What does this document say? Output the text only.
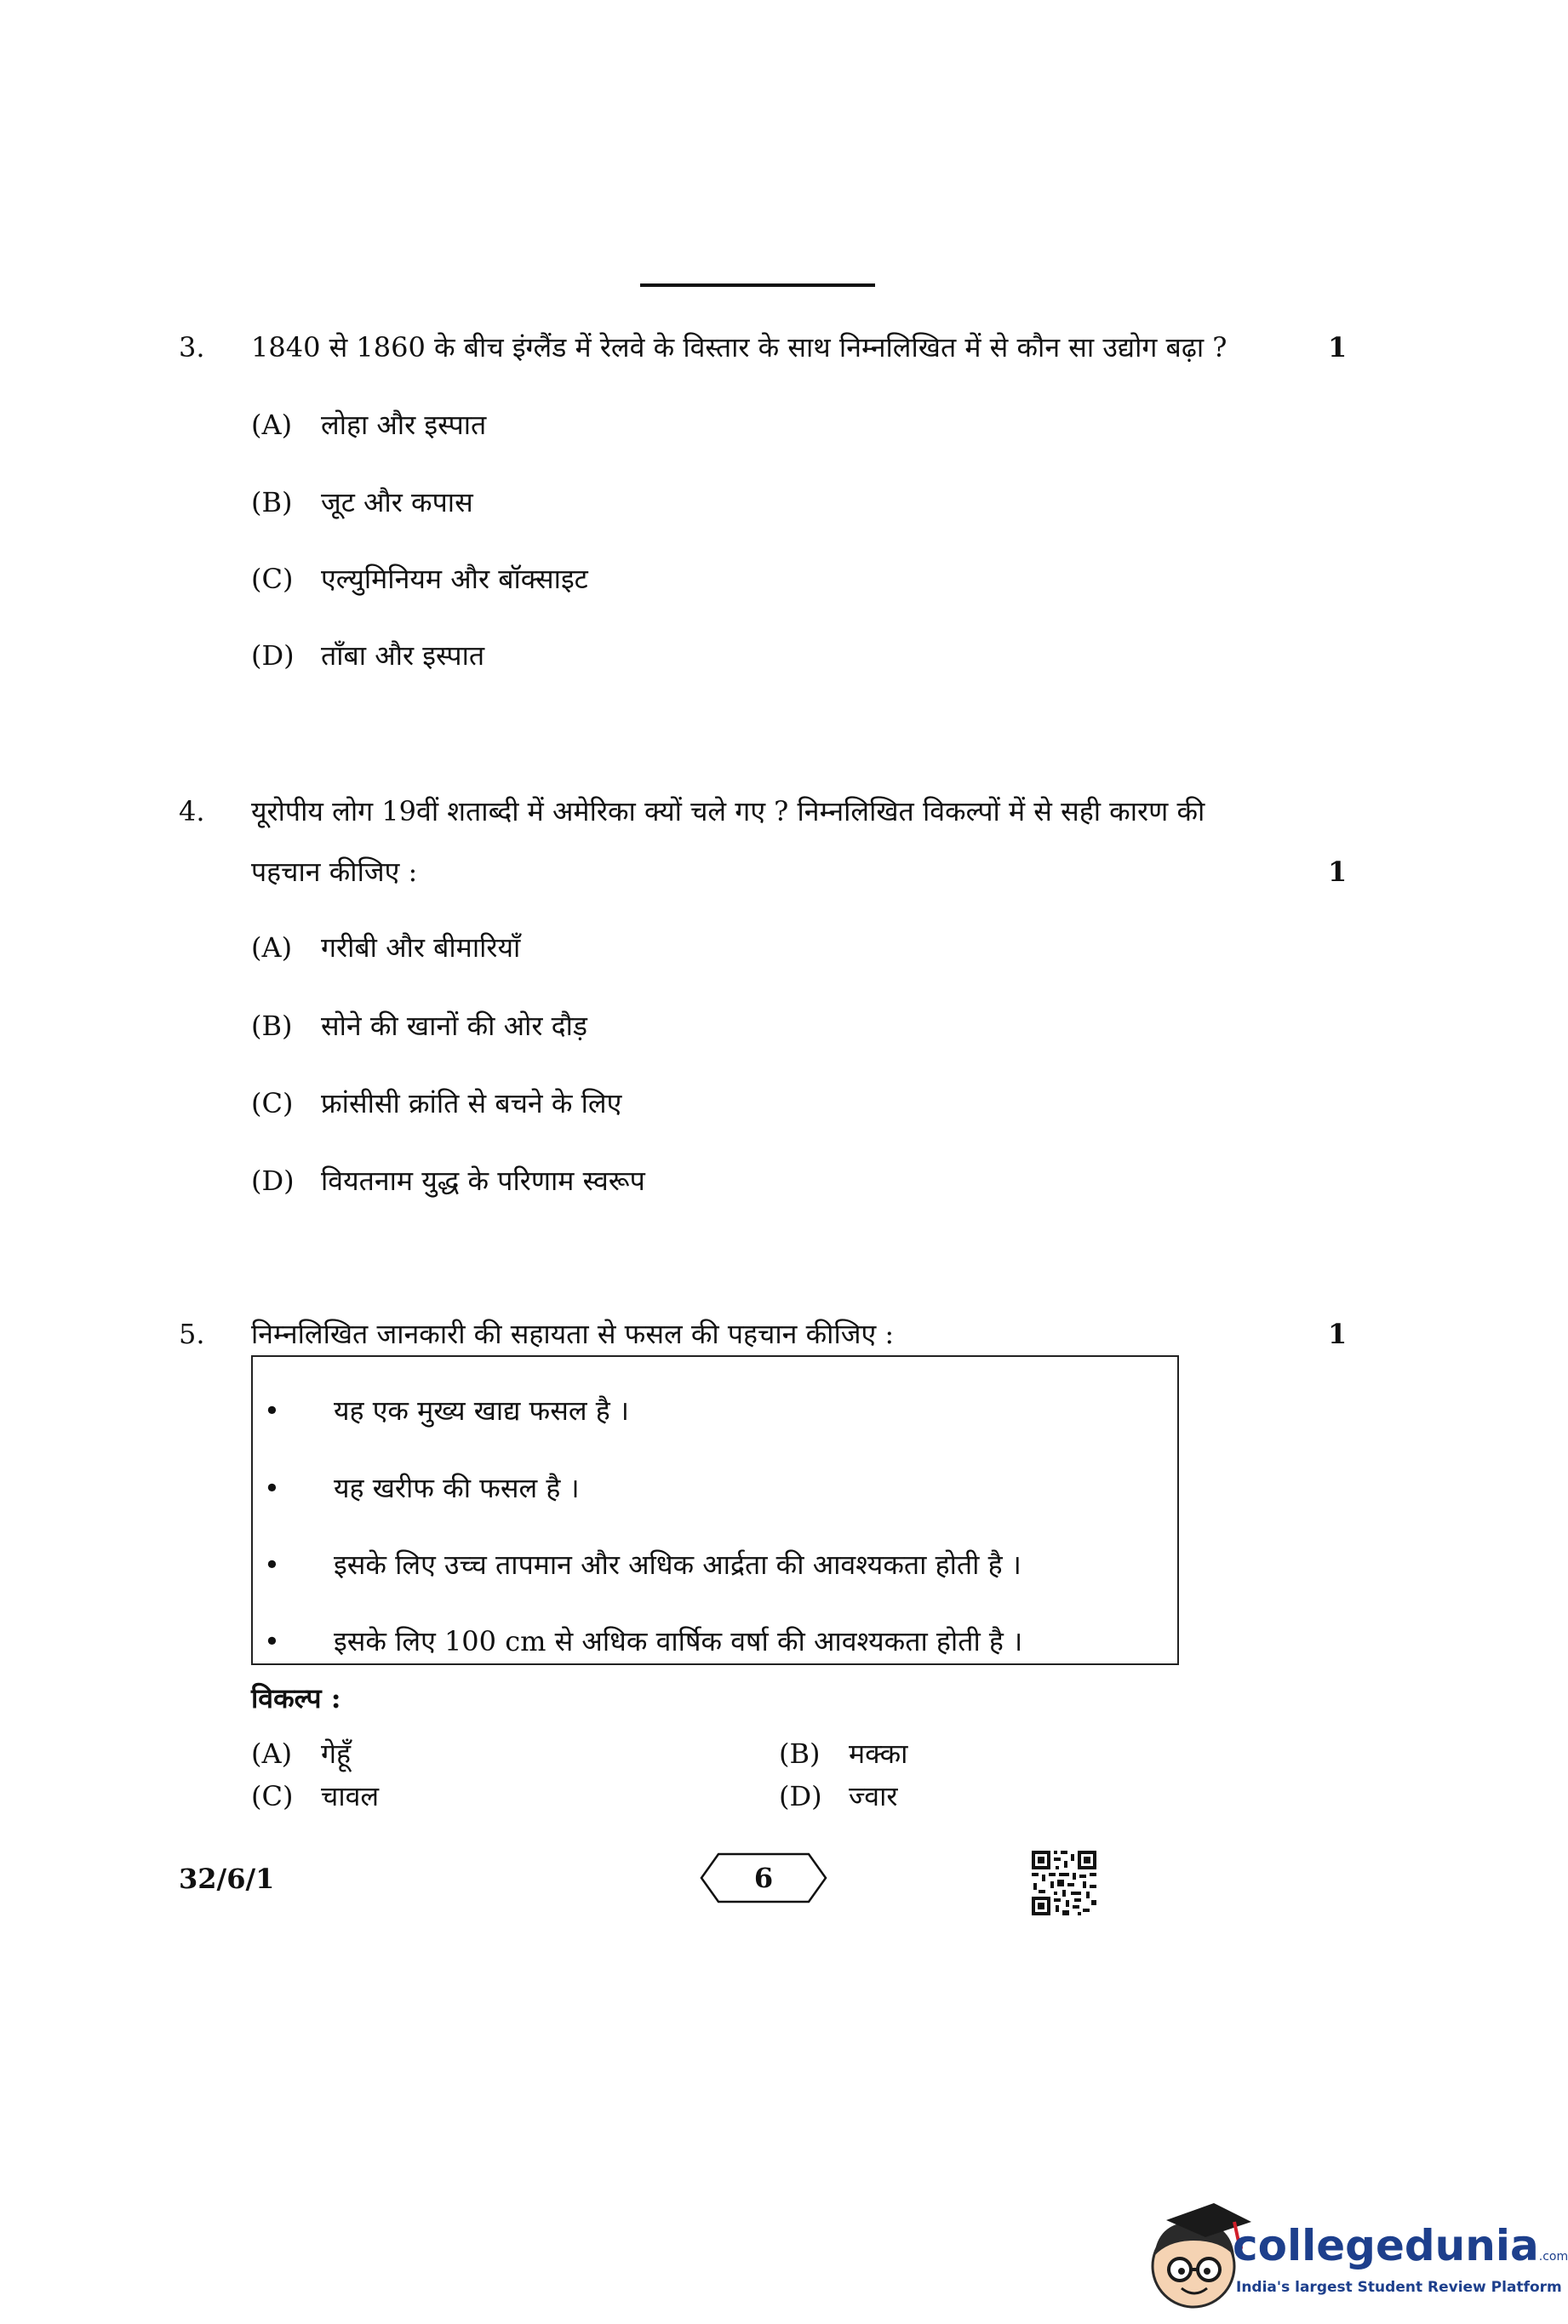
3. 1840 से 1860 के बीच इंग्लैंड में रेलवे के विस्तार के साथ निम्नलिखित में से कौन सा उद्योग बढ़ा ?	1
(A) लोहा और इस्पात
(B) जूट और कपास
(C) एल्युमिनियम और बॉक्साइट
(D) ताँबा और इस्पात
4. यूरोपीय लोग 19वीं शताब्दी में अमेरिका क्यों चले गए ? निम्नलिखित विकल्पों में से सही कारण की
पहचान कीजिए :	1
(A) गरीबी और बीमारियाँ
(B) सोने की खानों की ओर दौड़
(C) फ्रांसीसी क्रांति से बचने के लिए
(D) वियतनाम युद्ध के परिणाम स्वरूप
5. निम्नलिखित जानकारी की सहायता से फसल की पहचान कीजिए :	1
• यह एक मुख्य खाद्य फसल है ।
• यह खरीफ की फसल है ।
• इसके लिए उच्च तापमान और अधिक आर्द्रता की आवश्यकता होती है ।
• इसके लिए 100 cm से अधिक वार्षिक वर्षा की आवश्यकता होती है ।
विकल्प :
(A) गेहूँ	(B) मक्का
(C) चावल	(D) ज्वार
32/6/1	6
collegedunia.com
India's largest Student Review Platform
